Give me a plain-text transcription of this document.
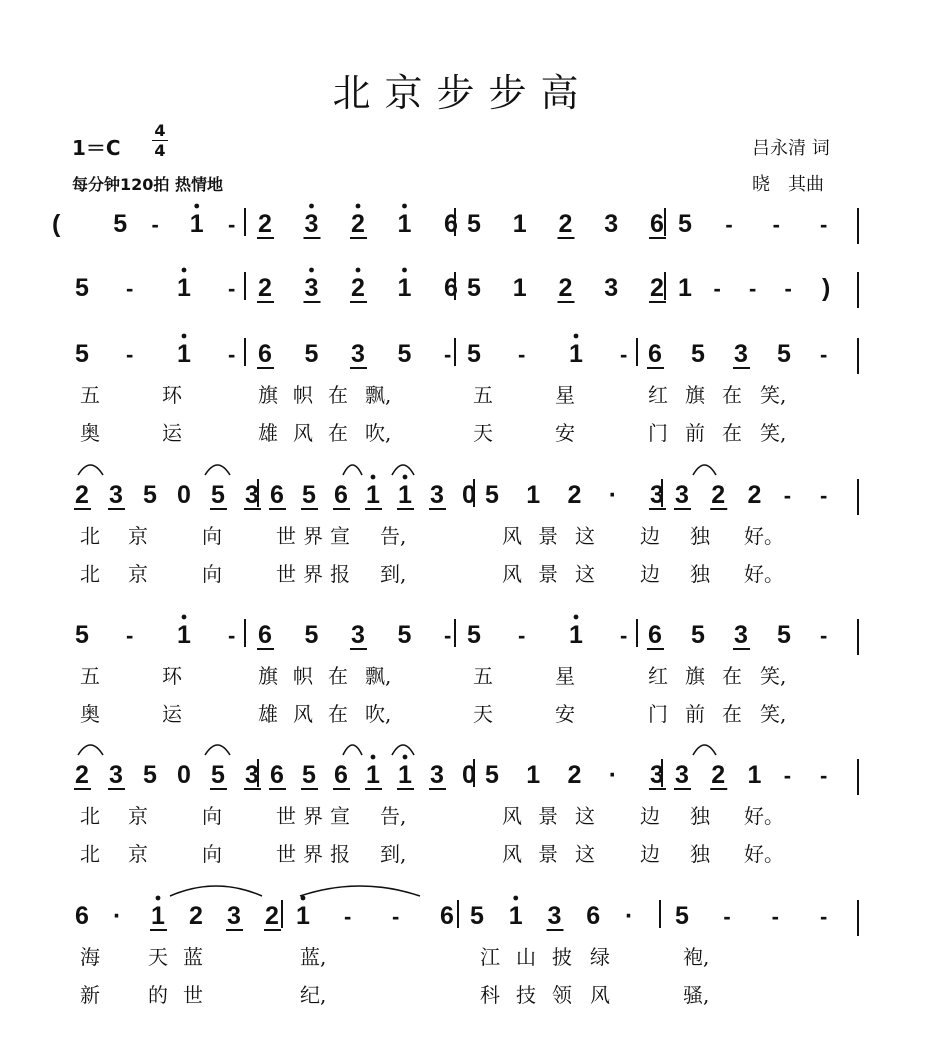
北京步步高
1＝C
4
4
每分钟120拍 热情地
吕永清 词
晓　其曲
( 5 - 1 - 2 3 2 1 6 5 1 2 3 6 5 - - -
5 - 1 - 2 3 2 1 6 5 1 2 3 2 1 - - - )
5 - 1 - 6 5 3 5 - 5 - 1 - 6 5 3 5 -
五	环	旗 帜 在 飘,	五	星	红 旗 在 笑,
奥	运	雄 风 在 吹,	天	安	门 前 在 笑,
2 3 5 0 5 3 6 5 6 1 1 3 0 5 1 2 · 3 3 2 2 - -
北 京	向	世 界 宣 告,	风 景 这 边 独 好。
北 京	向	世 界 报 到,	风 景 这 边 独 好。
5 - 1 - 6 5 3 5 - 5 - 1 - 6 5 3 5 -
五	环	旗 帜 在 飘,	五	星	红 旗 在 笑,
奥	运	雄 风 在 吹,	天	安	门 前 在 笑,
2 3 5 0 5 3 6 5 6 1 1 3 0 5 1 2 · 3 3 2 1 - -
北 京	向	世 界 宣 告,	风 景 这 边 独 好。
北 京	向	世 界 报 到,	风 景 这 边 独 好。
6 · 1 2 3 2 1 - - 6 5 1 3 6 · 5 - - -
海 天 蓝	蓝,	江 山 披 绿	袍,
新 的 世	纪,	科 技 领 风	骚,
